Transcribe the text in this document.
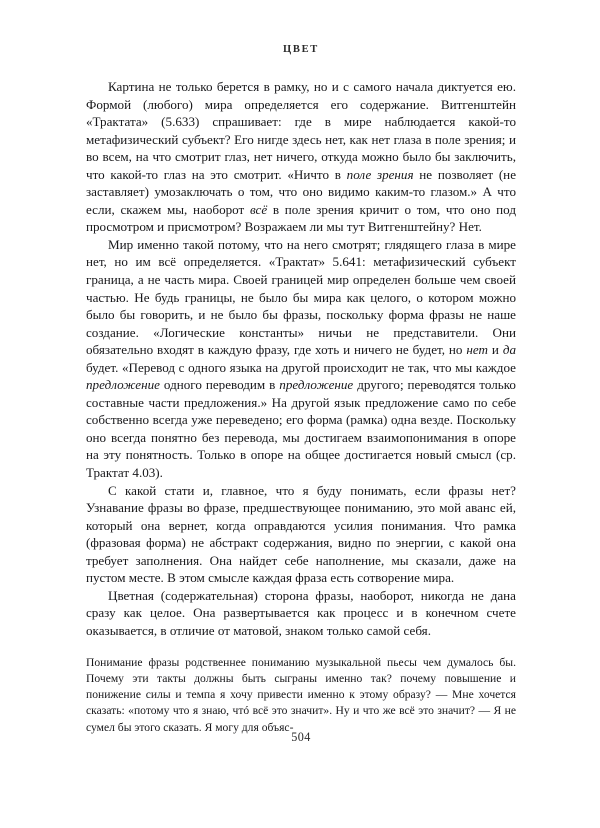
ЦВЕТ

Картина не только берется в рамку, но и с самого начала диктуется ею. Формой (любого) мира определяется его содержание. Витгенштейн «Трактата» (5.633) спрашивает: где в мире наблюдается какой-то метафизический субъект? Его нигде здесь нет, как нет глаза в поле зрения; и во всем, на что смотрит глаз, нет ничего, откуда можно было бы заключить, что какой-то глаз на это смотрит. «Ничто в поле зрения не позволяет (не заставляет) умозаключать о том, что оно видимо каким-то глазом.» А что если, скажем мы, наоборот всё в поле зрения кричит о том, что оно под просмотром и присмотром? Возражаем ли мы тут Витгенштейну? Нет.

Мир именно такой потому, что на него смотрят; глядящего глаза в мире нет, но им всё определяется. «Трактат» 5.641: метафизический субъект граница, а не часть мира. Своей границей мир определен больше чем своей частью. Не будь границы, не было бы мира как целого, о котором можно было бы говорить, и не было бы фразы, поскольку форма фразы не наше создание. «Логические константы» ничьи не представители. Они обязательно входят в каждую фразу, где хоть и ничего не будет, но нет и да будет. «Перевод с одного языка на другой происходит не так, что мы каждое предложение одного переводим в предложение другого; переводятся только составные части предложения.» На другой язык предложение само по себе собственно всегда уже переведено; его форма (рамка) одна везде. Поскольку оно всегда понятно без перевода, мы достигаем взаимопонимания в опоре на эту понятность. Только в опоре на общее достигается новый смысл (ср. Трактат 4.03).

С какой стати и, главное, что я буду понимать, если фразы нет? Узнавание фразы во фразе, предшествующее пониманию, это мой аванс ей, который она вернет, когда оправдаются усилия понимания. Что рамка (фразовая форма) не абстракт содержания, видно по энергии, с какой она требует заполнения. Она найдет себе наполнение, мы сказали, даже на пустом месте. В этом смысле каждая фраза есть сотворение мира.

Цветная (содержательная) сторона фразы, наоборот, никогда не дана сразу как целое. Она развертывается как процесс и в конечном счете оказывается, в отличие от матовой, знаком только самой себя.

Понимание фразы родственнее пониманию музыкальной пьесы чем думалось бы. Почему эти такты должны быть сыграны именно так? почему повышение и понижение силы и темпа я хочу привести именно к этому образу? — Мне хочется сказать: «потому что я знаю, чтó всё это значит». Ну и что же всё это значит? — Я не сумел бы этого сказать. Я могу для объяс-

504
